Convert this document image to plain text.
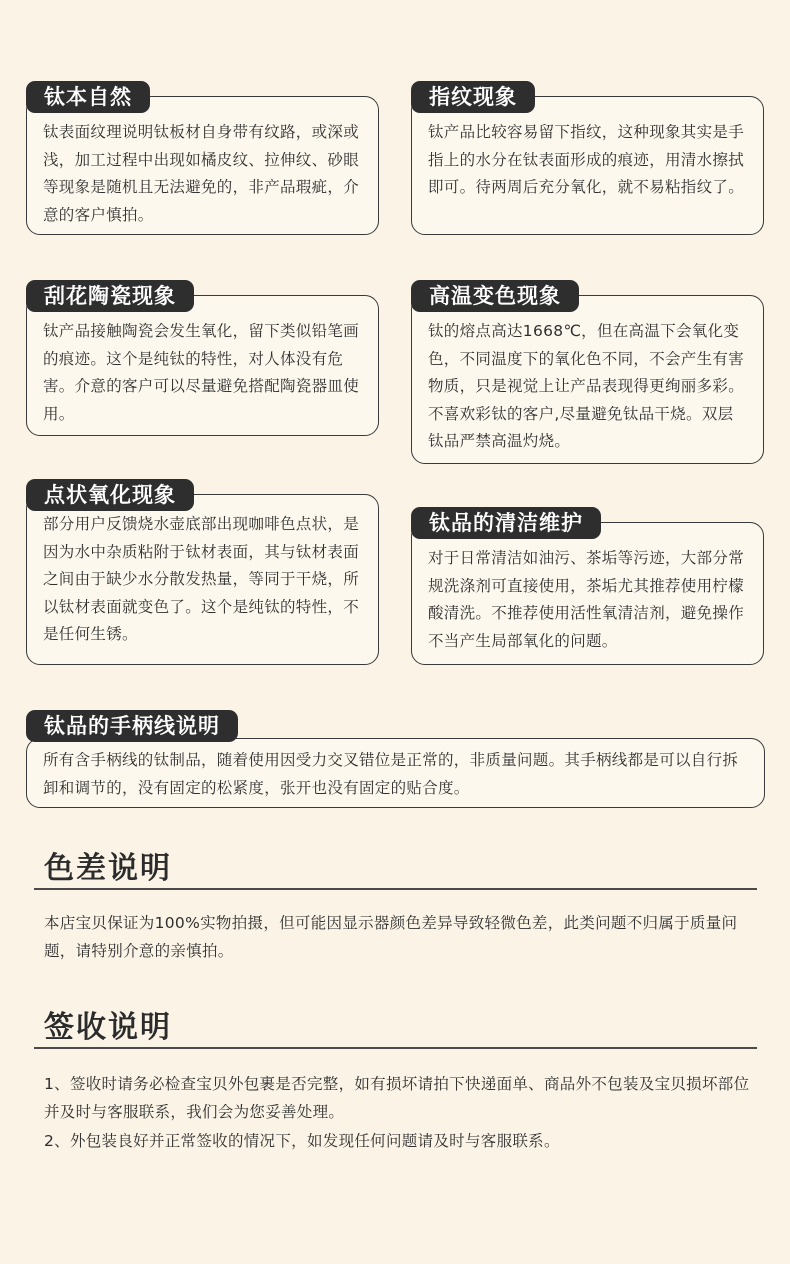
钛表面纹理说明钛板材自身带有纹路，或深或浅，加工过程中出现如橘皮纹、拉伸纹、砂眼等现象是随机且无法避免的，非产品瑕疵，介意的客户慎拍。
钛本自然
钛产品比较容易留下指纹，这种现象其实是手指上的水分在钛表面形成的痕迹，用清水擦拭即可。待两周后充分氧化，就不易粘指纹了。
指纹现象
钛产品接触陶瓷会发生氧化，留下类似铅笔画的痕迹。这个是纯钛的特性，对人体没有危害。介意的客户可以尽量避免搭配陶瓷器皿使用。
刮花陶瓷现象
钛的熔点高达1668℃，但在高温下会氧化变色，不同温度下的氧化色不同，不会产生有害物质，只是视觉上让产品表现得更绚丽多彩。不喜欢彩钛的客户,尽量避免钛品干烧。双层钛品严禁高温灼烧。
高温变色现象
部分用户反馈烧水壶底部出现咖啡色点状，是因为水中杂质粘附于钛材表面，其与钛材表面之间由于缺少水分散发热量，等同于干烧，所以钛材表面就变色了。这个是纯钛的特性，不是任何生锈。
点状氧化现象
对于日常清洁如油污、茶垢等污迹，大部分常规洗涤剂可直接使用，茶垢尤其推荐使用柠檬酸清洗。不推荐使用活性氧清洁剂，避免操作不当产生局部氧化的问题。
钛品的清洁维护
所有含手柄线的钛制品，随着使用因受力交叉错位是正常的，非质量问题。其手柄线都是可以自行拆卸和调节的，没有固定的松紧度，张开也没有固定的贴合度。
钛品的手柄线说明
色差说明
本店宝贝保证为100%实物拍摄，但可能因显示器颜色差异导致轻微色差，此类问题不归属于质量问题，请特别介意的亲慎拍。
签收说明
1、签收时请务必检查宝贝外包裹是否完整，如有损坏请拍下快递面单、商品外不包装及宝贝损坏部位并及时与客服联系，我们会为您妥善处理。
2、外包装良好并正常签收的情况下，如发现任何问题请及时与客服联系。
